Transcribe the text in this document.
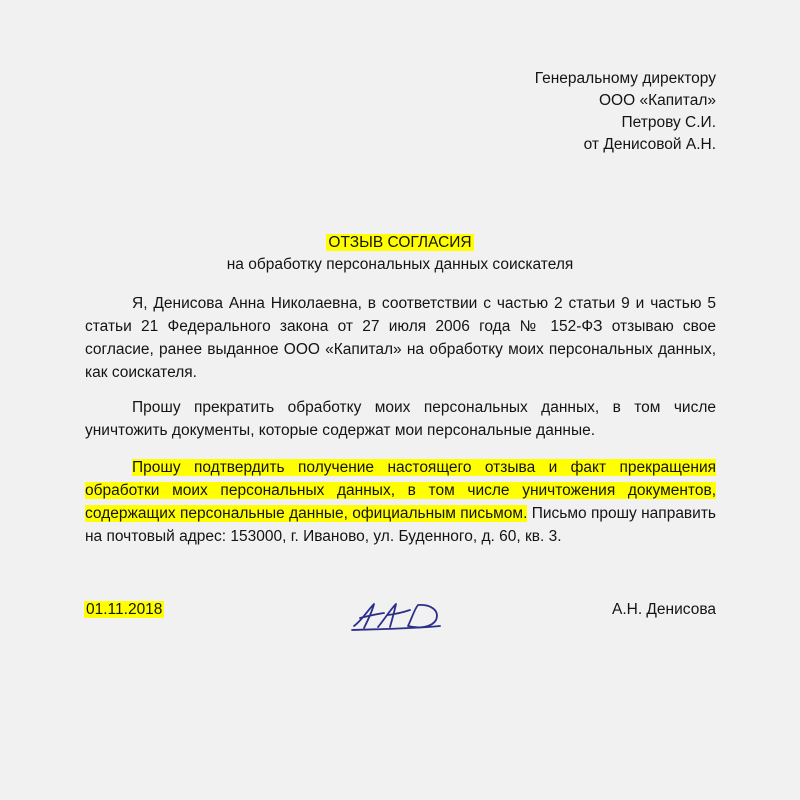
Генеральному директору
ООО «Капитал»
Петрову С.И.
от Денисовой А.Н.
ОТЗЫВ СОГЛАСИЯ
на обработку персональных данных соискателя

Я, Денисова Анна Николаевна, в соответствии с частью 2 статьи 9 и частью 5 статьи 21 Федерального закона от 27 июля 2006 года № 152-ФЗ отзываю свое согласие, ранее выданное ООО «Капитал» на обработку моих персональных данных, как соискателя.

Прошу прекратить обработку моих персональных данных, в том числе уничтожить документы, которые содержат мои персональные данные.

Прошу подтвердить получение настоящего отзыва и факт прекращения обработки моих персональных данных, в том числе уничтожения документов, содержащих персональные данные, официальным письмом. Письмо прошу направить на почтовый адрес: 153000, г. Иваново, ул. Буденного, д. 60, кв. 3.

01.11.2018	А.Н. Денисова
